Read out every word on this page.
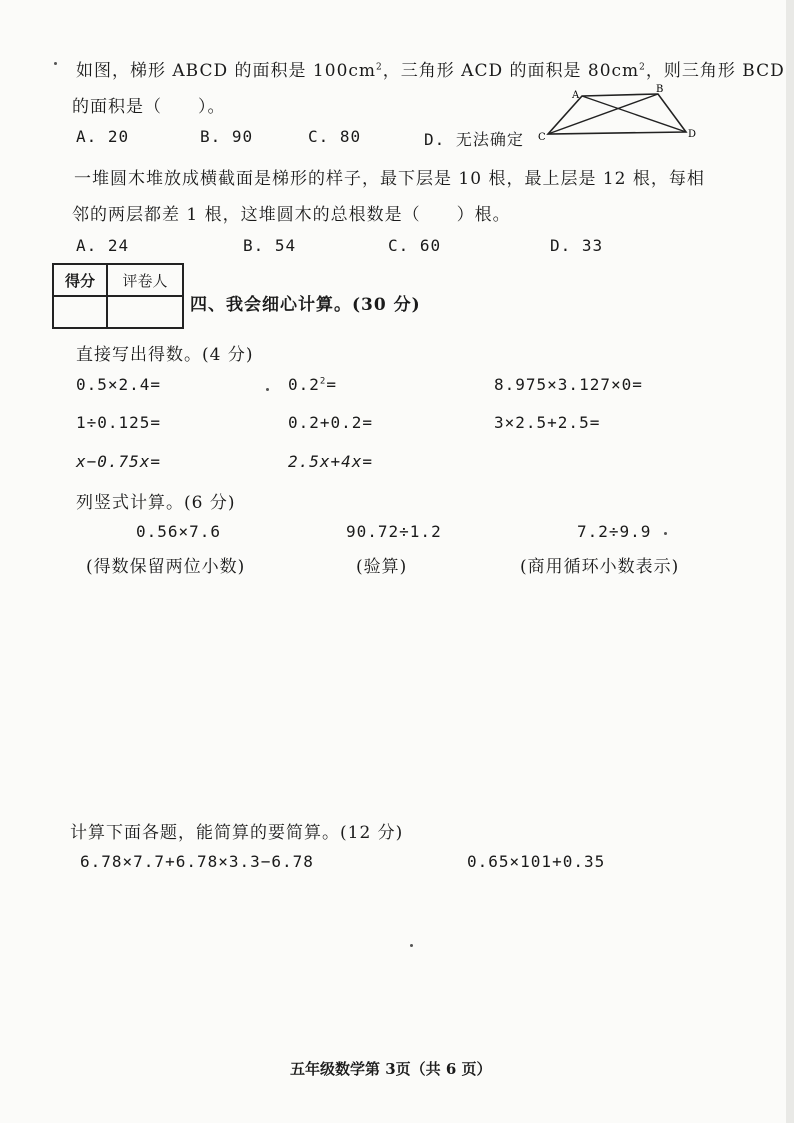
如图，梯形 ABCD 的面积是 $100cm^2$，三角形 ACD 的面积是 $80cm^2$，则三角形 BCD
的面积是（　　）。
A. 20	B. 90	C. 80	D. 无法确定
A
B
C	D
一堆圆木堆放成横截面是梯形的样子，最下层是 10 根，最上层是 12 根，每相
邻的两层都差 1 根，这堆圆木的总根数是（　　）根。
A. 24	B. 54	C. 60	D. 33
得分	评卷人

四、我会细心计算。(30 分)
直接写出得数。(4 分)
0.5×2.4=	$0.2^2=$	8.975×3.127×0=
1÷0.125=	0.2+0.2=	3×2.5+2.5=
x−0.75x=	2.5x+4x=
列竖式计算。(6 分)
0.56×7.6	90.72÷1.2	7.2÷9.9
(得数保留两位小数)	(验算)	(商用循环小数表示)
计算下面各题，能简算的要简算。(12 分)
6.78×7.7+6.78×3.3−6.78	0.65×101+0.35
五年级数学第 3页（共 6 页）
